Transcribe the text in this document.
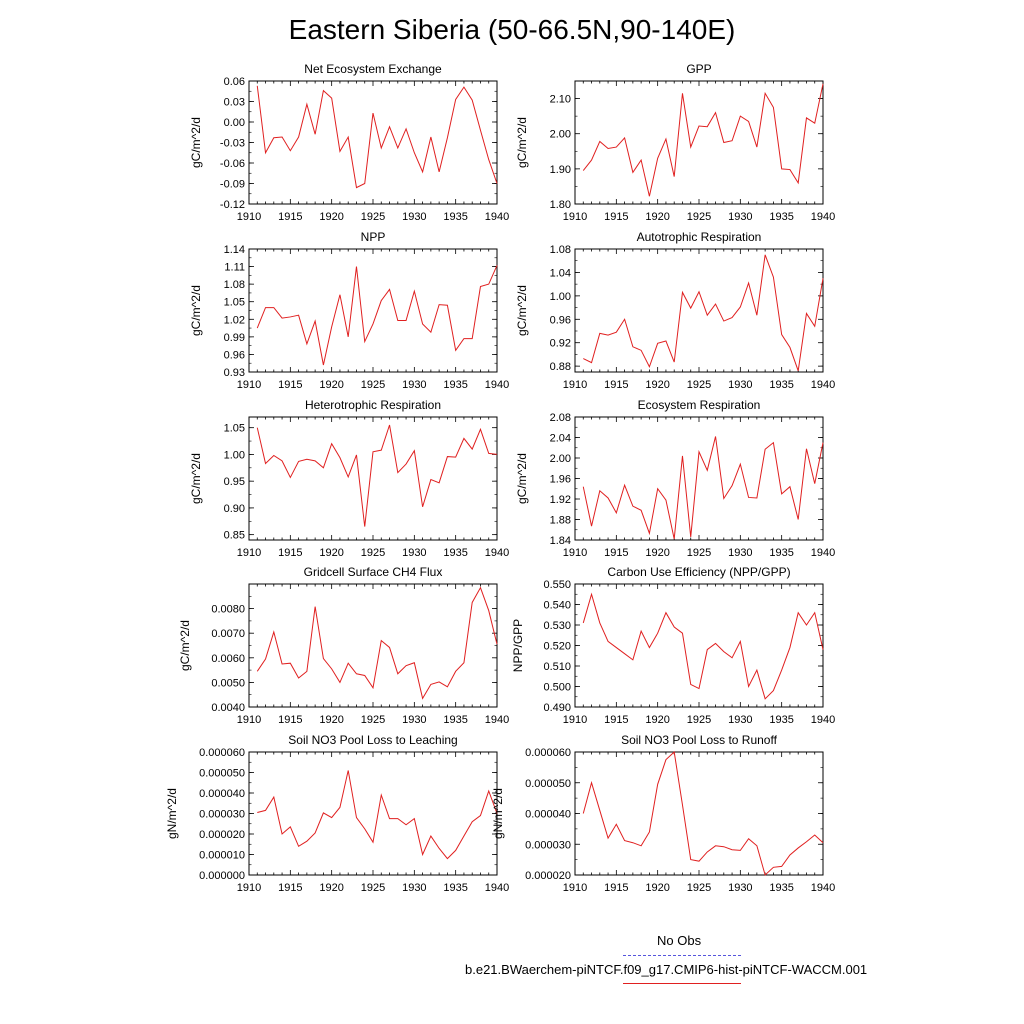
Eastern Siberia (50-66.5N,90-140E)
1910 1915 1920 1925 1930 1935 1940
0.06
0.03
0.00
-0.03
-0.06
-0.09
-0.12
Net Ecosystem Exchange
gC/m^2/d
1910 1915 1920 1925 1930 1935 1940
2.10
2.00
1.90
1.80
GPP
gC/m^2/d
1910 1915 1920 1925 1930 1935 1940
1.14
1.11
1.08
1.05
1.02
0.99
0.96
0.93
NPP
gC/m^2/d
1910 1915 1920 1925 1930 1935 1940
1.08
1.04
1.00
0.96
0.92
0.88
Autotrophic Respiration
gC/m^2/d
1910 1915 1920 1925 1930 1935 1940
1.05
1.00
0.95
0.90
0.85
Heterotrophic Respiration
gC/m^2/d
1910 1915 1920 1925 1930 1935 1940
2.08
2.04
2.00
1.96
1.92
1.88
1.84
Ecosystem Respiration
gC/m^2/d
1910 1915 1920 1925 1930 1935 1940
0.0080
0.0070
0.0060
0.0050
0.0040
Gridcell Surface CH4 Flux
gC/m^2/d
1910 1915 1920 1925 1930 1935 1940
0.550
0.540
0.530
0.520
0.510
0.500
0.490
Carbon Use Efficiency (NPP/GPP)
NPP/GPP
1910 1915 1920 1925 1930 1935 1940
0.000060
0.000050
0.000040
0.000030
0.000020
0.000010
0.000000
Soil NO3 Pool Loss to Leaching
gN/m^2/d
1910 1915 1920 1925 1930 1935 1940
0.000060
0.000050
0.000040
0.000030
0.000020
Soil NO3 Pool Loss to Runoff
gN/m^2/d
No Obs
b.e21.BWaerchem-piNTCF.f09_g17.CMIP6-hist-piNTCF-WACCM.001
